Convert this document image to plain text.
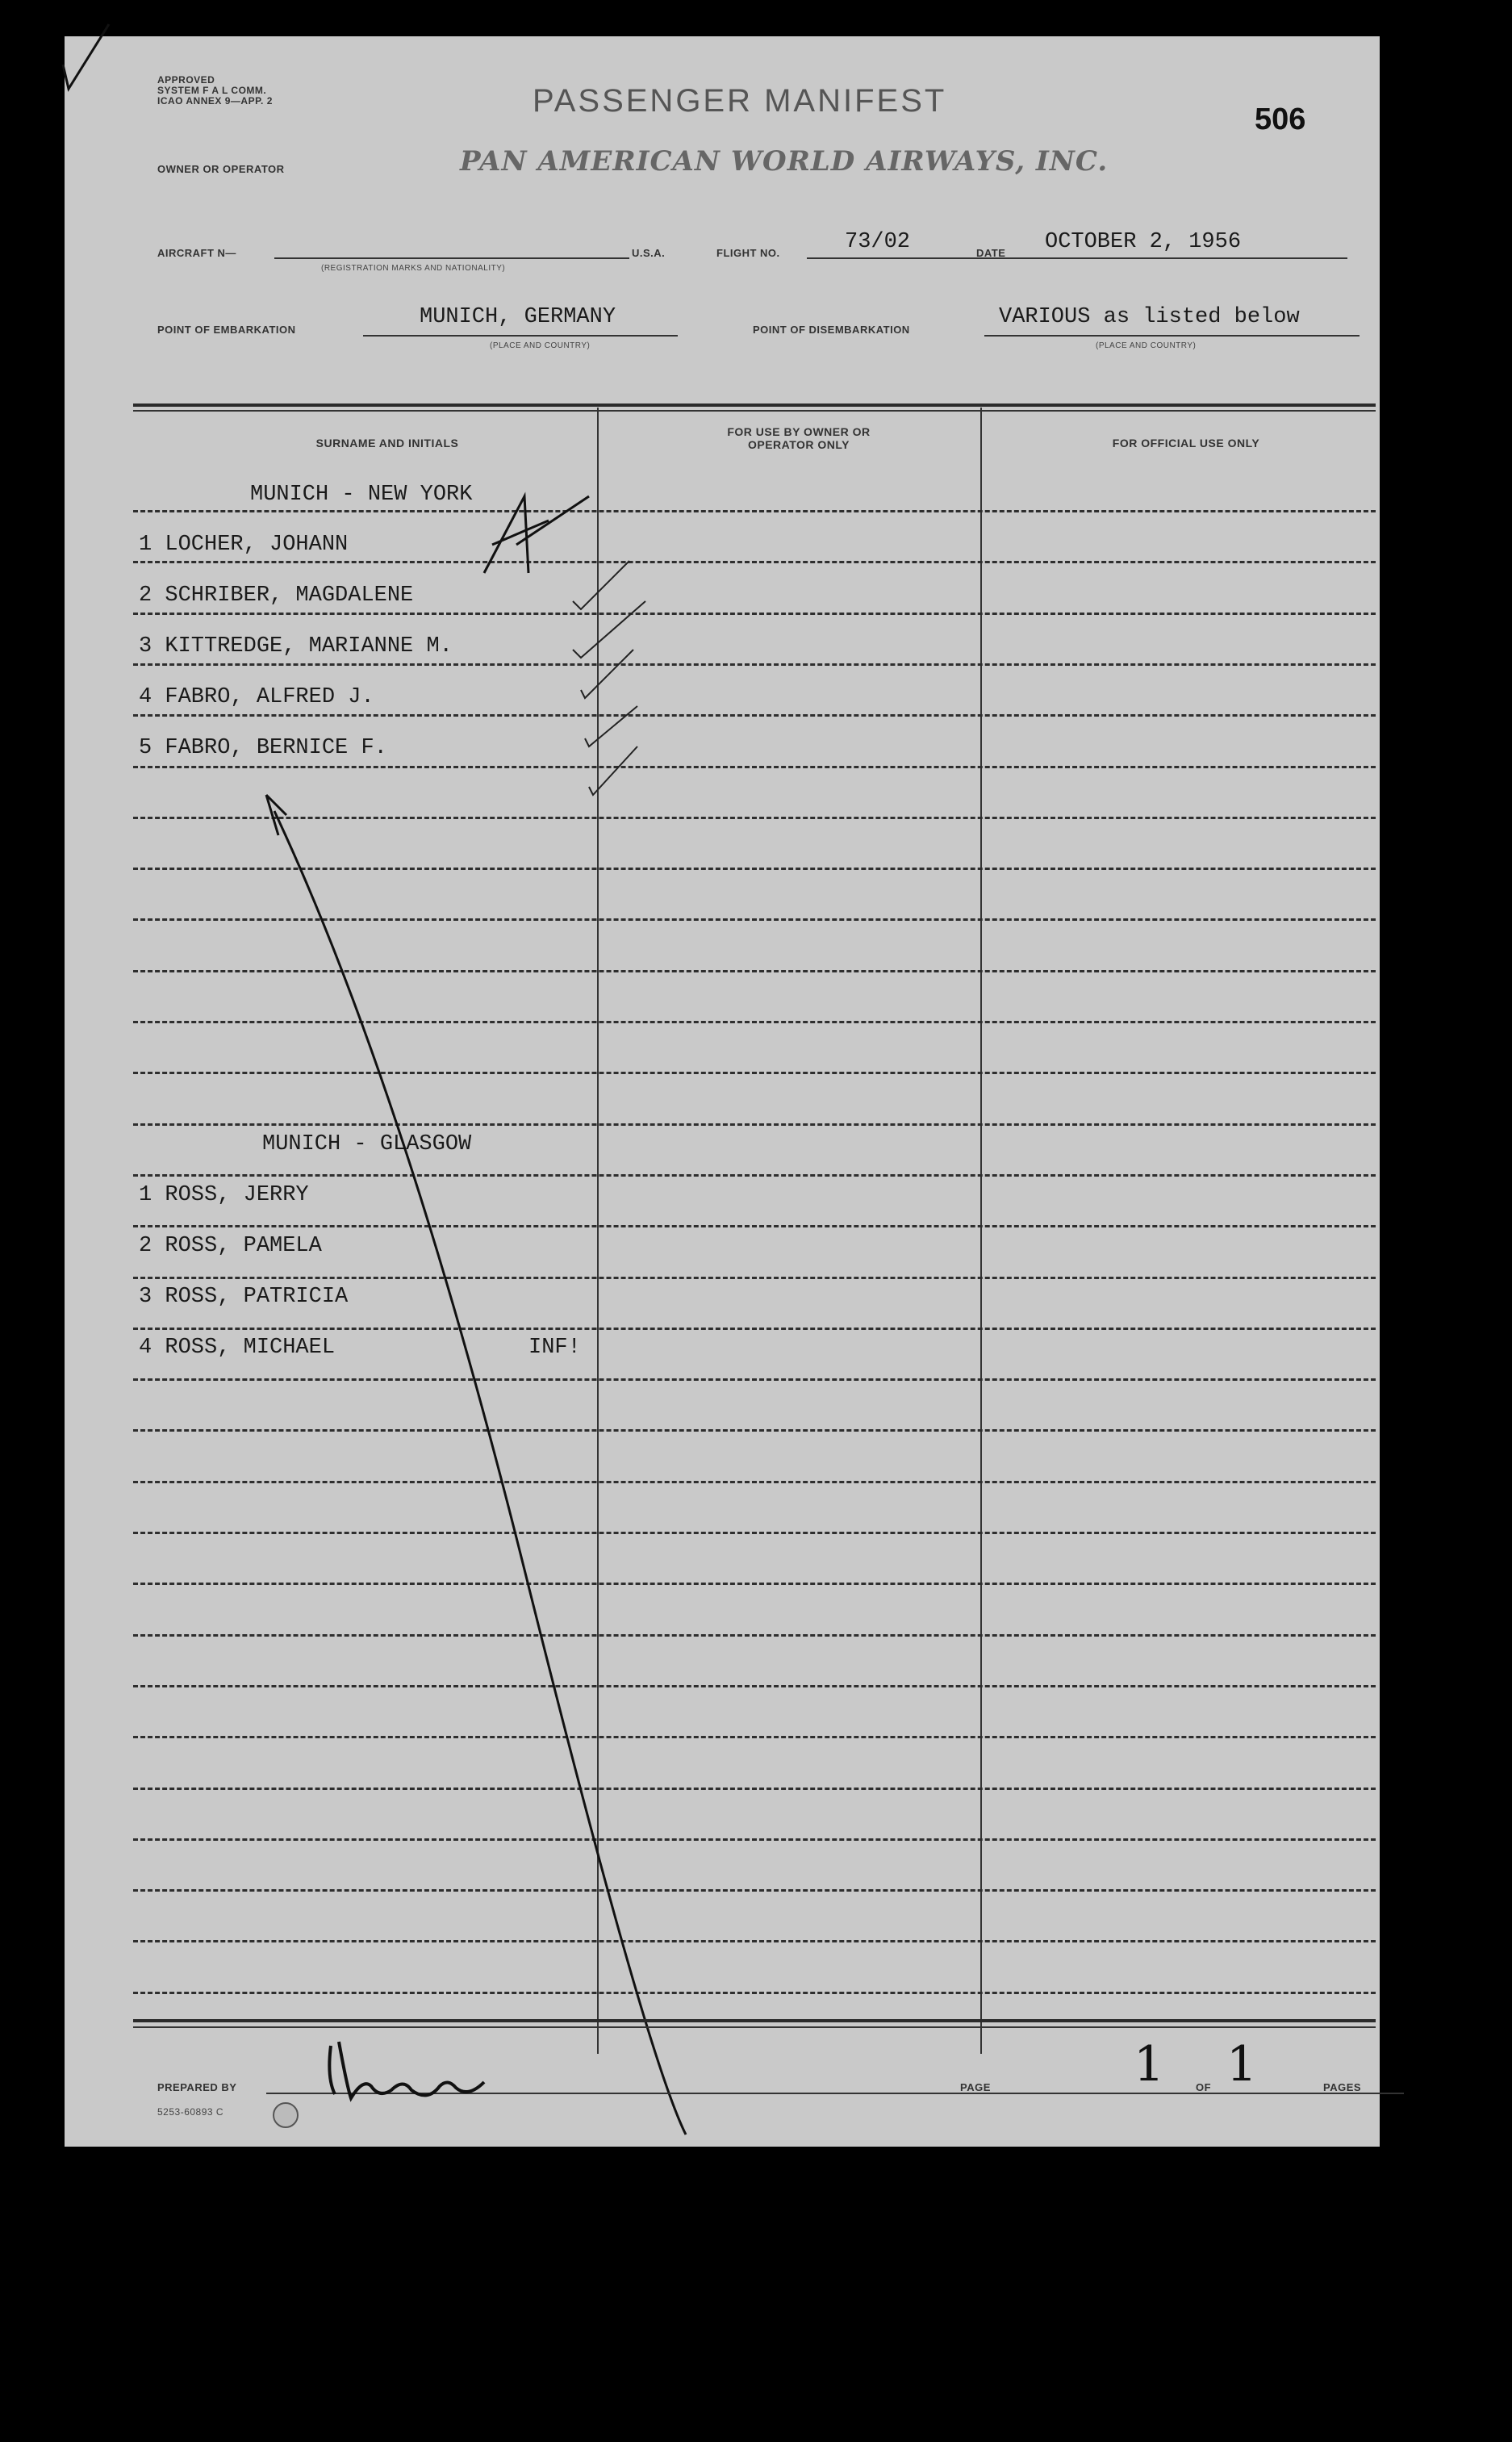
APPROVED
SYSTEM F A L COMM.
ICAO ANNEX 9—APP. 2	PASSENGER MANIFEST
506
OWNER OR OPERATOR	PAN AMERICAN WORLD AIRWAYS, INC.
AIRCRAFT N—
(REGISTRATION MARKS AND NATIONALITY)
U.S.A.	FLIGHT NO.	73/02	DATE OCTOBER 2, 1956
POINT OF EMBARKATION
MUNICH, GERMANY
(PLACE AND COUNTRY)
POINT OF DISEMBARKATION
VARIOUS as listed below
(PLACE AND COUNTRY)
SURNAME AND INITIALS
FOR USE BY OWNER OR OPERATOR ONLY	FOR OFFICIAL USE ONLY
MUNICH - NEW YORK
1 LOCHER, JOHANN
2 SCHRIBER, MAGDALENE
3 KITTREDGE, MARIANNE M.
4 FABRO, ALFRED J.
5 FABRO, BERNICE F.
MUNICH - GLASGOW
1 ROSS, JERRY
2 ROSS, PAMELA
3 ROSS, PATRICIA
4 ROSS, MICHAEL	INF!
PREPARED BY
5253-60893 C
PAGE	1	OF 1	PAGES
